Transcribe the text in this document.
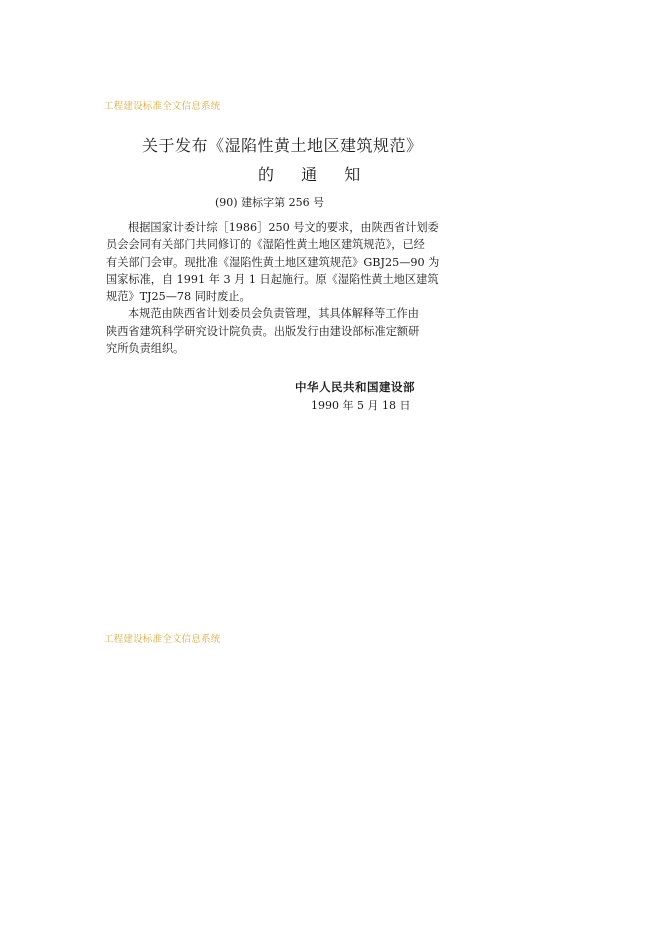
工程建设标准全文信息系统
关于发布《湿陷性黄土地区建筑规范》
的 通 知
(90) 建标字第 256 号
根据国家计委计综［1986］250 号文的要求，由陕西省计划委
员会会同有关部门共同修订的《湿陷性黄土地区建筑规范》，已经
有关部门会审。现批准《湿陷性黄土地区建筑规范》GBJ25—90 为
国家标准，自 1991 年 3 月 1 日起施行。原《湿陷性黄土地区建筑
规范》TJ25—78 同时废止。
本规范由陕西省计划委员会负责管理，其具体解释等工作由
陕西省建筑科学研究设计院负责。出版发行由建设部标准定额研
究所负责组织。
中华人民共和国建设部
1990 年 5 月 18 日
工程建设标准全文信息系统
